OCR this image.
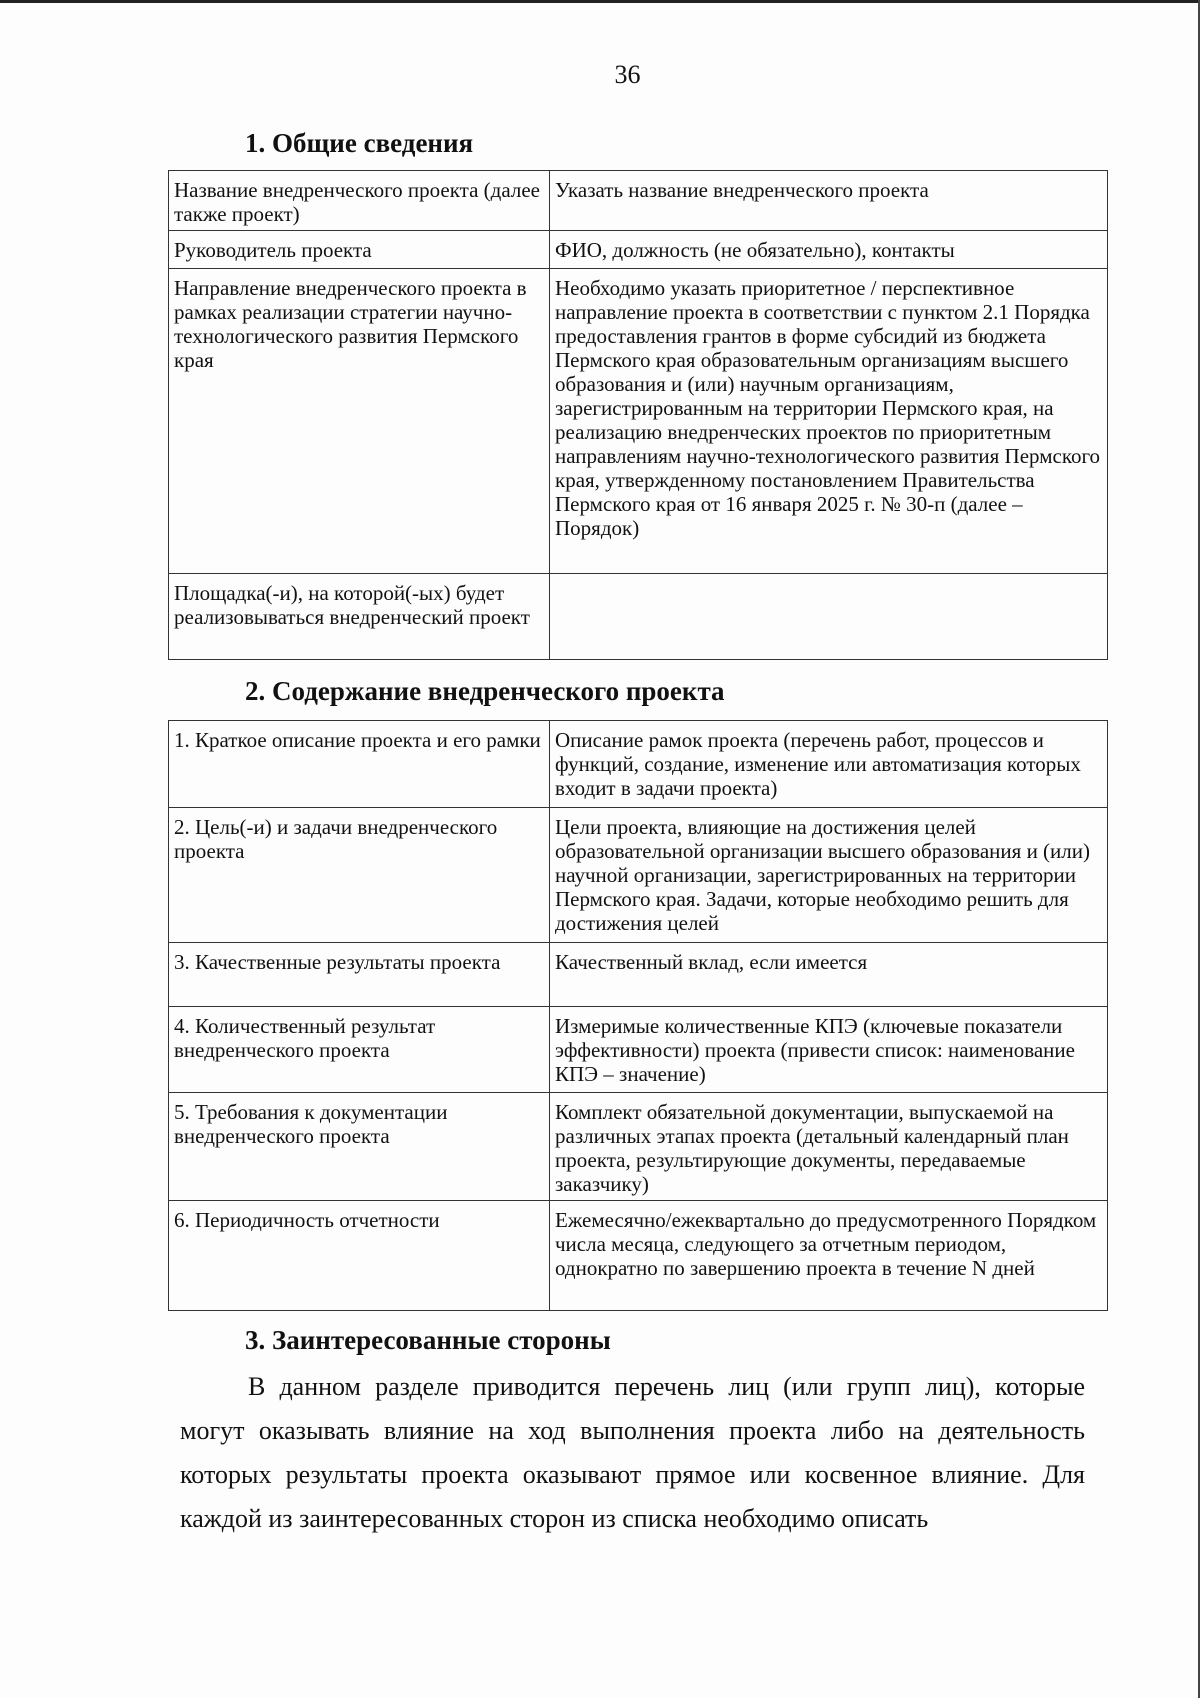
36
1. Общие сведения
Название внедренческого проекта (далее также проект)	Указать название внедренческого проекта
Руководитель проекта	ФИО, должность (не обязательно), контакты
Направление внедренческого проекта в рамках реализации стратегии научно-технологического развития Пермского края	Необходимо указать приоритетное / перспективное направление проекта в соответствии с пунктом 2.1 Порядка предоставления грантов в форме субсидий из бюджета Пермского края образовательным организациям высшего образования и (или) научным организациям, зарегистрированным на территории Пермского края, на реализацию внедренческих проектов по приоритетным направлениям научно-технологического развития Пермского края, утвержденному постановлением Правительства Пермского края от 16 января 2025 г. № 30-п (далее – Порядок)
Площадка(-и), на которой(-ых) будет реализовываться внедренческий проект	
2. Содержание внедренческого проекта
1. Краткое описание проекта и его рамки	Описание рамок проекта (перечень работ, процессов и функций, создание, изменение или автоматизация которых входит в задачи проекта)
2. Цель(-и) и задачи внедренческого проекта	Цели проекта, влияющие на достижения целей образовательной организации высшего образования и (или) научной организации, зарегистрированных на территории Пермского края. Задачи, которые необходимо решить для достижения целей
3. Качественные результаты проекта	Качественный вклад, если имеется
4. Количественный результат внедренческого проекта	Измеримые количественные КПЭ (ключевые показатели эффективности) проекта (привести список: наименование КПЭ – значение)
5. Требования к документации внедренческого проекта	Комплект обязательной документации, выпускаемой на различных этапах проекта (детальный календарный план проекта, результирующие документы, передаваемые заказчику)
6. Периодичность отчетности	Ежемесячно/ежеквартально до предусмотренного Порядком числа месяца, следующего за отчетным периодом, однократно по завершению проекта в течение N дней
3. Заинтересованные стороны

В данном разделе приводится перечень лиц (или групп лиц), которые могут оказывать влияние на ход выполнения проекта либо на деятельность которых результаты проекта оказывают прямое или косвенное влияние. Для каждой из заинтересованных сторон из списка необходимо описать
